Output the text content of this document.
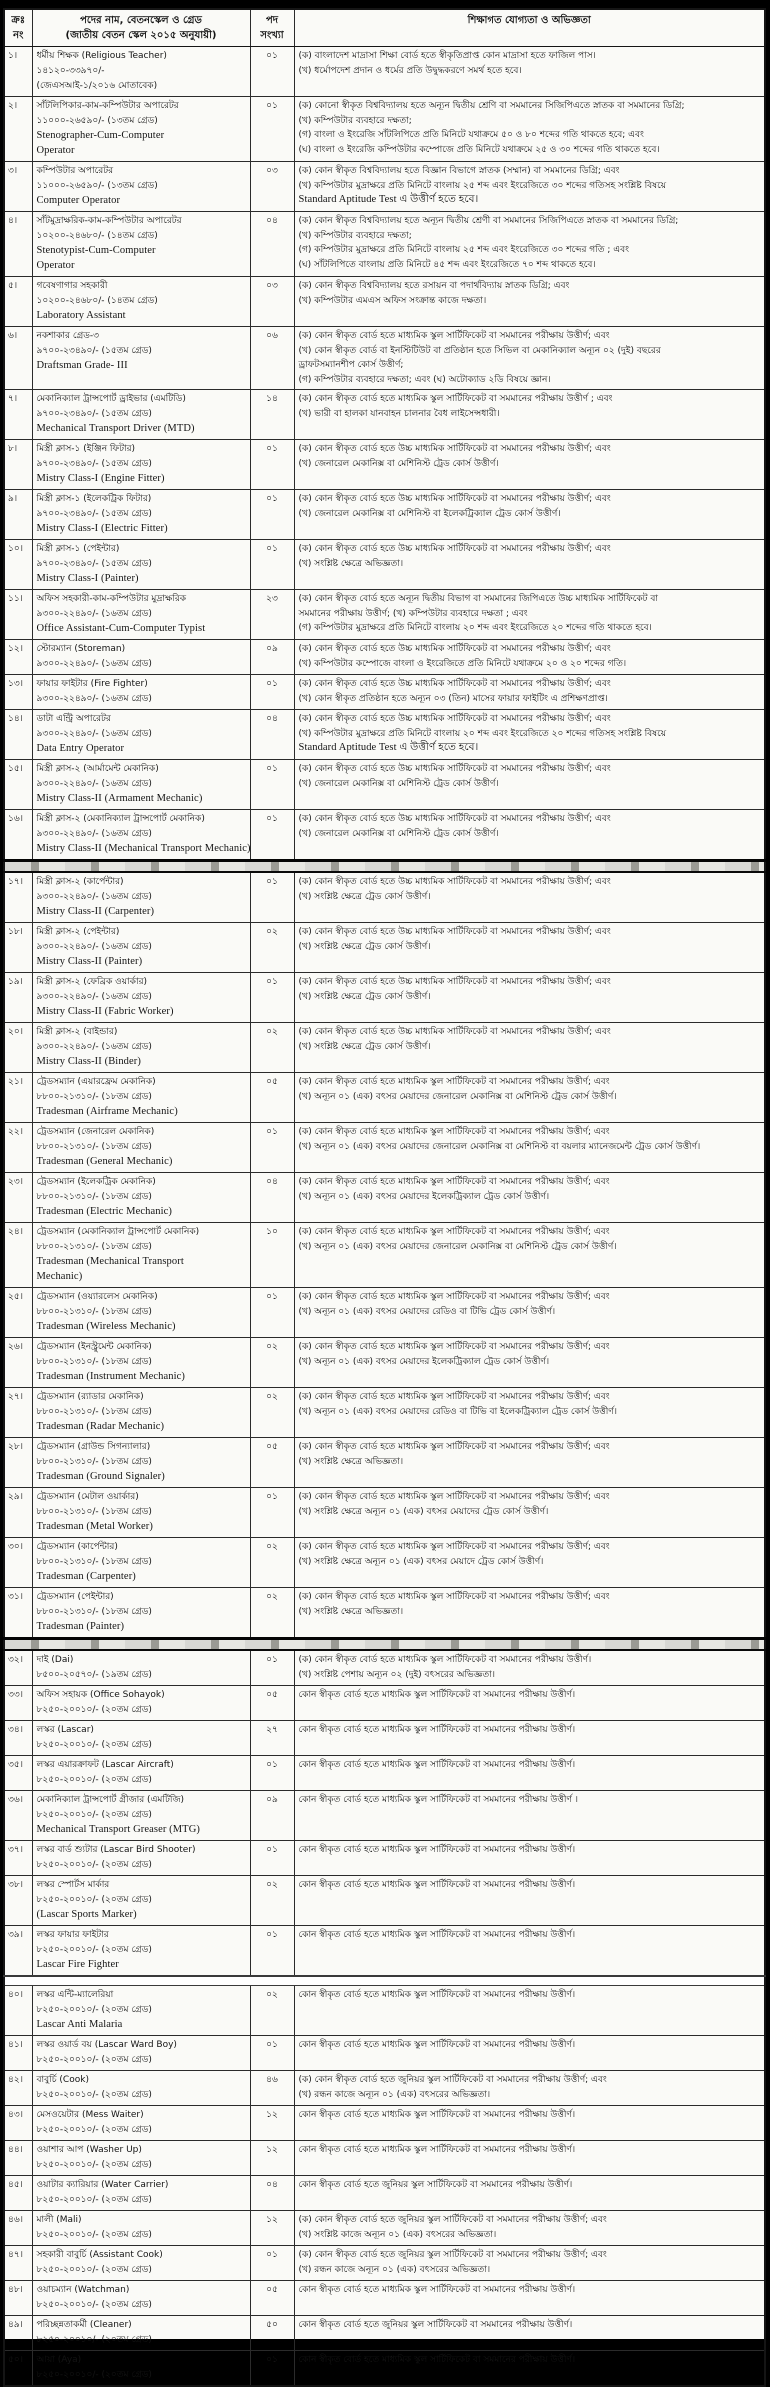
ক্রঃ
নং

পদের নাম, বেতনস্কেল ও গ্রেড
(জাতীয় বেতন স্কেল ২০১৫ অনুযায়ী)

পদ
সংখ্যা

শিক্ষাগত যোগ্যতা ও অভিজ্ঞতা

১।	ধর্মীয় শিক্ষক (Religious Teacher)
১৪১২০-৩৩৯৭০/-
(জেএসআই-১/২০১৬ মোতাবেক)
	০১	(ক) বাংলাদেশ মাদ্রাসা শিক্ষা বোর্ড হতে স্বীকৃতিপ্রাপ্ত কোন মাদ্রাসা হতে ফাজিল পাস।
(খ) ধর্মোপদেশ প্রদান ও ধর্মের প্রতি উদ্বুদ্ধকরণে সমর্থ হতে হবে।

২।	সাঁটলিপিকার-কাম-কম্পিউটার অপারেটর
১১০০০-২৬৫৯০/- (১৩তম গ্রেড)
Stenographer-Cum-Computer
Operator
	০১	(ক) কোনো স্বীকৃত বিশ্ববিদ্যালয় হতে অন্যূন দ্বিতীয় শ্রেণি বা সমমানের সিজিপিএতে স্নাতক বা সমমানের ডিগ্রি;
(খ) কম্পিউটার ব্যবহারে দক্ষতা;
(গ) বাংলা ও ইংরেজি সাঁটলিপিতে প্রতি মিনিটে যথাক্রমে ৫০ ও ৮০ শব্দের গতি থাকতে হবে; এবং
(ঘ) বাংলা ও ইংরেজি কম্পিউটার কম্পোজে প্রতি মিনিটে যথাক্রমে ২৫ ও ৩০ শব্দের গতি থাকতে হবে।

৩।	কম্পিউটার অপারেটর
১১০০০-২৬৫৯০/- (১৩তম গ্রেড)
Computer Operator
	০৩	(ক) কোন স্বীকৃত বিশ্ববিদ্যালয় হতে বিজ্ঞান বিভাগে স্নাতক (সম্মান) বা সমমানের ডিগ্রি; এবং
(খ) কম্পিউটার মুদ্রাক্ষরে প্রতি মিনিটে বাংলায় ২৫ শব্দ এবং ইংরেজিতে ৩০ শব্দের গতিসহ সংশ্লিষ্ট বিষয়ে
Standard Aptitude Test এ উত্তীর্ণ হতে হবে।

৪।	সাঁটমুদ্রাক্ষরিক-কাম-কম্পিউটার অপারেটর
১০২০০-২৪৬৮০/- (১৪তম গ্রেড)
Stenotypist-Cum-Computer
Operator
	০৪	(ক) কোন স্বীকৃত বিশ্ববিদ্যালয় হতে অন্যূন দ্বিতীয় শ্রেণী বা সমমানের সিজিপিএতে স্নাতক বা সমমানের ডিগ্রি;
(খ) কম্পিউটার ব্যবহারে দক্ষতা;
(গ) কম্পিউটার মুদ্রাক্ষরে প্রতি মিনিটে বাংলায় ২৫ শব্দ এবং ইংরেজিতে ৩০ শব্দের গতি ; এবং
(ঘ) সাঁটলিপিতে বাংলায় প্রতি মিনিটে ৪৫ শব্দ এবং ইংরেজিতে ৭০ শব্দ থাকতে হবে।

৫।	গবেষণাগার সহকারী
১০২০০-২৪৬৮০/- (১৪তম গ্রেড)
Laboratory Assistant
	০৩	(ক) কোন স্বীকৃত বিশ্ববিদ্যালয় হতে রসায়ন বা পদার্থবিদ্যায় স্নাতক ডিগ্রি; এবং
(খ) কম্পিউটার এমএস অফিস সংক্রান্ত কাজে দক্ষতা।

৬।	নকশাকার গ্রেড-৩
৯৭০০-২৩৪৯০/- (১৫তম গ্রেড)
Draftsman Grade- III
	০৬	(ক) কোন স্বীকৃত বোর্ড হতে মাধ্যমিক স্কুল সার্টিফিকেট বা সমমানের পরীক্ষায় উত্তীর্ণ; এবং
(খ) কোন স্বীকৃত বোর্ড বা ইনস্টিটিউট বা প্রতিষ্ঠান হতে সিভিল বা মেকানিক্যাল অন্যূন ০২ (দুই) বছরের
ড্রাফটসম্যানশীপ কোর্স উত্তীর্ণ;
(গ) কম্পিউটার ব্যবহারে দক্ষতা; এবং (ঘ) অটোক্যাড ২ডি বিষয়ে জ্ঞান।

৭।	মেকানিক্যাল ট্রান্সপোর্ট ড্রাইভার (এমটিডি)
৯৭০০-২৩৪৯০/- (১৫তম গ্রেড)
Mechanical Transport Driver (MTD)
	১৪	(ক) কোন স্বীকৃত বোর্ড হতে মাধ্যমিক স্কুল সার্টিফিকেট বা সমমানের পরীক্ষায় উত্তীর্ণ ; এবং
(খ) ভারী বা হালকা যানবাহন চালনার বৈধ লাইসেন্সধারী।

৮।	মিস্ত্রী ক্লাস-১ (ইঞ্জিন ফিটার)
৯৭০০-২৩৪৯০/- (১৫তম গ্রেড)
Mistry Class-I (Engine Fitter)
	০১	(ক) কোন স্বীকৃত বোর্ড হতে উচ্চ মাধ্যমিক সার্টিফিকেট বা সমমানের পরীক্ষায় উত্তীর্ণ; এবং
(খ) জেনারেল মেকানিক্স বা মেশিনিস্ট ট্রেড কোর্স উত্তীর্ণ।

৯।	মিস্ত্রী ক্লাস-১ (ইলেকট্রিক ফিটার)
৯৭০০-২৩৪৯০/- (১৫তম গ্রেড)
Mistry Class-I (Electric Fitter)
	০১	(ক) কোন স্বীকৃত বোর্ড হতে উচ্চ মাধ্যমিক সার্টিফিকেট বা সমমানের পরীক্ষায় উত্তীর্ণ; এবং
(খ) জেনারেল মেকানিক্স বা মেশিনিস্ট বা ইলেকট্রিক্যাল ট্রেড কোর্স উত্তীর্ণ।

১০।	মিস্ত্রী ক্লাস-১ (পেইন্টার)
৯৭০০-২৩৪৯০/- (১৫তম গ্রেড)
Mistry Class-I (Painter)
	০১	(ক) কোন স্বীকৃত বোর্ড হতে উচ্চ মাধ্যমিক সার্টিফিকেট বা সমমানের পরীক্ষায় উত্তীর্ণ; এবং
(খ) সংশ্লিষ্ট ক্ষেত্রে অভিজ্ঞতা।

১১।	অফিস সহকারী-কাম-কম্পিউটার মুদ্রাক্ষরিক
৯৩০০-২২৪৯০/- (১৬তম গ্রেড)
Office Assistant-Cum-Computer Typist
	২৩	(ক) কোন স্বীকৃত বোর্ড হতে অন্যূন দ্বিতীয় বিভাগ বা সমমানের জিপিএতে উচ্চ মাধ্যমিক সার্টিফিকেট বা
সমমানের পরীক্ষায় উত্তীর্ণ; (খ) কম্পিউটার ব্যবহারে দক্ষতা ; এবং
(গ) কম্পিউটার মুদ্রাক্ষরে প্রতি মিনিটে বাংলায় ২০ শব্দ এবং ইংরেজিতে ২০ শব্দের গতি থাকতে হবে।

১২।	স্টোরম্যান (Storeman)
৯৩০০-২২৪৯০/- (১৬তম গ্রেড)
	০৯	(ক) কোন স্বীকৃত বোর্ড হতে উচ্চ মাধ্যমিক সার্টিফিকেট বা সমমানের পরীক্ষায় উত্তীর্ণ; এবং
(খ) কম্পিউটার কম্পোজে বাংলা ও ইংরেজিতে প্রতি মিনিটে যথাক্রমে ২০ ও ২০ শব্দের গতি।

১৩।	ফায়ার ফাইটার (Fire Fighter)
৯৩০০-২২৪৯০/- (১৬তম গ্রেড)
	০১	(ক) কোন স্বীকৃত বোর্ড হতে উচ্চ মাধ্যমিক সার্টিফিকেট বা সমমানের পরীক্ষায় উত্তীর্ণ; এবং
(খ) কোন স্বীকৃত প্রতিষ্ঠান হতে অন্যূন ০৩ (তিন) মাসের ফায়ার ফাইটিং এ প্রশিক্ষণপ্রাপ্ত।

১৪।	ডাটা এন্ট্রি অপারেটর
৯৩০০-২২৪৯০/- (১৬তম গ্রেড)
Data Entry Operator
	০৪	(ক) কোন স্বীকৃত বোর্ড হতে উচ্চ মাধ্যমিক সার্টিফিকেট বা সমমানের পরীক্ষায় উত্তীর্ণ; এবং
(খ) কম্পিউটার মুদ্রাক্ষরে প্রতি মিনিটে বাংলায় ২০ শব্দ এবং ইংরেজিতে ২০ শব্দের গতিসহ সংশ্লিষ্ট বিষয়ে
Standard Aptitude Test এ উত্তীর্ণ হতে হবে।

১৫।	মিস্ত্রী ক্লাস-২ (আর্মামেন্ট মেকানিক)
৯৩০০-২২৪৯০/- (১৬তম গ্রেড)
Mistry Class-II (Armament Mechanic)
	০১	(ক) কোন স্বীকৃত বোর্ড হতে উচ্চ মাধ্যমিক সার্টিফিকেট বা সমমানের পরীক্ষায় উত্তীর্ণ; এবং
(খ) জেনারেল মেকানিক্স বা মেশিনিস্ট ট্রেড কোর্স উত্তীর্ণ।

১৬।	মিস্ত্রী ক্লাস-২ (মেকানিক্যাল ট্রান্সপোর্ট মেকানিক)
৯৩০০-২২৪৯০/- (১৬তম গ্রেড)
Mistry Class-II (Mechanical Transport Mechanic)
	০১	(ক) কোন স্বীকৃত বোর্ড হতে উচ্চ মাধ্যমিক সার্টিফিকেট বা সমমানের পরীক্ষায় উত্তীর্ণ; এবং
(খ) জেনারেল মেকানিক্স বা মেশিনিস্ট ট্রেড কোর্স উত্তীর্ণ।

১৭।	মিস্ত্রী ক্লাস-২ (কার্পেন্টার)
৯৩০০-২২৪৯০/- (১৬তম গ্রেড)
Mistry Class-II (Carpenter)
	০১	(ক) কোন স্বীকৃত বোর্ড হতে উচ্চ মাধ্যমিক সার্টিফিকেট বা সমমানের পরীক্ষায় উত্তীর্ণ; এবং
(খ) সংশ্লিষ্ট ক্ষেত্রে ট্রেড কোর্স উত্তীর্ণ।

১৮।	মিস্ত্রী ক্লাস-২ (পেইন্টার)
৯৩০০-২২৪৯০/- (১৬তম গ্রেড)
Mistry Class-II (Painter)
	০২	(ক) কোন স্বীকৃত বোর্ড হতে উচ্চ মাধ্যমিক সার্টিফিকেট বা সমমানের পরীক্ষায় উত্তীর্ণ; এবং
(খ) সংশ্লিষ্ট ক্ষেত্রে ট্রেড কোর্স উত্তীর্ণ।

১৯।	মিস্ত্রী ক্লাস-২ (ফেব্রিক ওয়ার্কার)
৯৩০০-২২৪৯০/- (১৬তম গ্রেড)
Mistry Class-II (Fabric Worker)
	০১	(ক) কোন স্বীকৃত বোর্ড হতে উচ্চ মাধ্যমিক সার্টিফিকেট বা সমমানের পরীক্ষায় উত্তীর্ণ; এবং
(খ) সংশ্লিষ্ট ক্ষেত্রে ট্রেড কোর্স উত্তীর্ণ।

২০।	মিস্ত্রী ক্লাস-২ (বাইন্ডার)
৯৩০০-২২৪৯০/- (১৬তম গ্রেড)
Mistry Class-II (Binder)
	০২	(ক) কোন স্বীকৃত বোর্ড হতে উচ্চ মাধ্যমিক সার্টিফিকেট বা সমমানের পরীক্ষায় উত্তীর্ণ; এবং
(খ) সংশ্লিষ্ট ক্ষেত্রে ট্রেড কোর্স উত্তীর্ণ।

২১।	ট্রেডসম্যান (এয়ারফ্রেম মেকানিক)
৮৮০০-২১৩১০/- (১৮তম গ্রেড)
Tradesman (Airframe Mechanic)
	০৫	(ক) কোন স্বীকৃত বোর্ড হতে মাধ্যমিক স্কুল সার্টিফিকেট বা সমমানের পরীক্ষায় উত্তীর্ণ; এবং
(খ) অন্যূন ০১ (এক) বৎসর মেয়াদের জেনারেল মেকানিক্স বা মেশিনিস্ট ট্রেড কোর্স উত্তীর্ণ।

২২।	ট্রেডসম্যান (জেনারেল মেকানিক)
৮৮০০-২১৩১০/- (১৮তম গ্রেড)
Tradesman (General Mechanic)
	০১	(ক) কোন স্বীকৃত বোর্ড হতে মাধ্যমিক স্কুল সার্টিফিকেট বা সমমানের পরীক্ষায় উত্তীর্ণ; এবং
(খ) অন্যূন ০১ (এক) বৎসর মেয়াদের জেনারেল মেকানিক্স বা মেশিনিস্ট বা বয়লার ম্যানেজমেন্ট ট্রেড কোর্স উত্তীর্ণ।

২৩।	ট্রেডসম্যান (ইলেকট্রিক মেকানিক)
৮৮০০-২১৩১০/- (১৮তম গ্রেড)
Tradesman (Electric Mechanic)
	০৪	(ক) কোন স্বীকৃত বোর্ড হতে মাধ্যমিক স্কুল সার্টিফিকেট বা সমমানের পরীক্ষায় উত্তীর্ণ; এবং
(খ) অন্যূন ০১ (এক) বৎসর মেয়াদের ইলেকট্রিক্যাল ট্রেড কোর্স উত্তীর্ণ।

২৪।	ট্রেডসম্যান (মেকানিক্যাল ট্রান্সপোর্ট মেকানিক)
৮৮০০-২১৩১০/- (১৮তম গ্রেড)
Tradesman (Mechanical Transport
Mechanic)
	১০	(ক) কোন স্বীকৃত বোর্ড হতে মাধ্যমিক স্কুল সার্টিফিকেট বা সমমানের পরীক্ষায় উত্তীর্ণ; এবং
(খ) অন্যূন ০১ (এক) বৎসর মেয়াদের জেনারেল মেকানিক্স বা মেশিনিস্ট ট্রেড কোর্স উত্তীর্ণ।

২৫।	ট্রেডসম্যান (ওয়্যারলেস মেকানিক)
৮৮০০-২১৩১০/- (১৮তম গ্রেড)
Tradesman (Wireless Mechanic)
	০১	(ক) কোন স্বীকৃত বোর্ড হতে মাধ্যমিক স্কুল সার্টিফিকেট বা সমমানের পরীক্ষায় উত্তীর্ণ; এবং
(খ) অন্যূন ০১ (এক) বৎসর মেয়াদের রেডিও বা টিভি ট্রেড কোর্স উত্তীর্ণ।

২৬।	ট্রেডসম্যান (ইনস্ট্রুমেন্ট মেকানিক)
৮৮০০-২১৩১০/- (১৮তম গ্রেড)
Tradesman (Instrument Mechanic)
	০২	(ক) কোন স্বীকৃত বোর্ড হতে মাধ্যমিক স্কুল সার্টিফিকেট বা সমমানের পরীক্ষায় উত্তীর্ণ; এবং
(খ) অন্যূন ০১ (এক) বৎসর মেয়াদের ইলেকট্রিক্যাল ট্রেড কোর্স উত্তীর্ণ।

২৭।	ট্রেডসম্যান (র‍্যাডার মেকানিক)
৮৮০০-২১৩১০/- (১৮তম গ্রেড)
Tradesman (Radar Mechanic)
	০২	(ক) কোন স্বীকৃত বোর্ড হতে মাধ্যমিক স্কুল সার্টিফিকেট বা সমমানের পরীক্ষায় উত্তীর্ণ; এবং
(খ) অন্যূন ০১ (এক) বৎসর মেয়াদের রেডিও বা টিভি বা ইলেকট্রিক্যাল ট্রেড কোর্স উত্তীর্ণ।

২৮।	ট্রেডসম্যান (গ্রাউন্ড সিগন্যালার)
৮৮০০-২১৩১০/- (১৮তম গ্রেড)
Tradesman (Ground Signaler)
	০৫	(ক) কোন স্বীকৃত বোর্ড হতে মাধ্যমিক স্কুল সার্টিফিকেট বা সমমানের পরীক্ষায় উত্তীর্ণ; এবং
(খ) সংশ্লিষ্ট ক্ষেত্রে অভিজ্ঞতা।

২৯।	ট্রেডসম্যান (মেটাল ওয়ার্কার)
৮৮০০-২১৩১০/- (১৮তম গ্রেড)
Tradesman (Metal Worker)
	০১	(ক) কোন স্বীকৃত বোর্ড হতে মাধ্যমিক স্কুল সার্টিফিকেট বা সমমানের পরীক্ষায় উত্তীর্ণ; এবং
(খ) সংশ্লিষ্ট ক্ষেত্রে অন্যূন ০১ (এক) বৎসর মেয়াদের ট্রেড কোর্স উত্তীর্ণ।

৩০।	ট্রেডসম্যান (কার্পেন্টার)
৮৮০০-২১৩১০/- (১৮তম গ্রেড)
Tradesman (Carpenter)
	০২	(ক) কোন স্বীকৃত বোর্ড হতে মাধ্যমিক স্কুল সার্টিফিকেট বা সমমানের পরীক্ষায় উত্তীর্ণ; এবং
(খ) সংশ্লিষ্ট ক্ষেত্রে অন্যূন ০১ (এক) বৎসর মেয়াদে ট্রেড কোর্স উত্তীর্ণ।

৩১।	ট্রেডসম্যান (পেইন্টার)
৮৮০০-২১৩১০/- (১৮তম গ্রেড)
Tradesman (Painter)
	০২	(ক) কোন স্বীকৃত বোর্ড হতে মাধ্যমিক স্কুল সার্টিফিকেট বা সমমানের পরীক্ষায় উত্তীর্ণ; এবং
(খ) সংশ্লিষ্ট ক্ষেত্রে অভিজ্ঞতা।

৩২।	দাই (Dai)
৮৫০০-২০৫৭০/- (১৯তম গ্রেড)
	০১	(ক) কোন স্বীকৃত বোর্ড হতে মাধ্যমিক স্কুল সার্টিফিকেট বা সমমানের পরীক্ষায় উত্তীর্ণ।
(খ) সংশ্লিষ্ট পেশায় অন্যূন ০২ (দুই) বৎসরের অভিজ্ঞতা।

৩৩।	অফিস সহায়ক (Office Sohayok)
৮২৫০-২০০১০/- (২০তম গ্রেড)	০৫	কোন স্বীকৃত বোর্ড হতে মাধ্যমিক স্কুল সার্টিফিকেট বা সমমানের পরীক্ষায় উত্তীর্ণ।

৩৪।	লস্কর (Lascar)
৮২৫০-২০০১০/- (২০তম গ্রেড)	২৭	কোন স্বীকৃত বোর্ড হতে মাধ্যমিক স্কুল সার্টিফিকেট বা সমমানের পরীক্ষায় উত্তীর্ণ।

৩৫।	লস্কর এয়ারক্রাফট (Lascar Aircraft)
৮২৫০-২০০১০/- (২০তম গ্রেড)	০১	কোন স্বীকৃত বোর্ড হতে মাধ্যমিক স্কুল সার্টিফিকেট বা সমমানের পরীক্ষায় উত্তীর্ণ।

৩৬।	মেকানিক্যাল ট্রান্সপোর্ট গ্রীজার (এমটিজি)
৮২৫০-২০০১০/- (২০তম গ্রেড)
Mechanical Transport Greaser (MTG)	০৯	কোন স্বীকৃত বোর্ড হতে মাধ্যমিক স্কুল সার্টিফিকেট বা সমমানের পরীক্ষায় উত্তীর্ণ ।

৩৭।	লস্কর বার্ড শ্যুটার (Lascar Bird Shooter)
৮২৫০-২০০১০/- (২০তম গ্রেড)	০১	কোন স্বীকৃত বোর্ড হতে মাধ্যমিক স্কুল সার্টিফিকেট বা সমমানের পরীক্ষায় উত্তীর্ণ।

৩৮।	লস্কর স্পোর্টস মার্কার
৮২৫০-২০০১০/- (২০তম গ্রেড)
(Lascar Sports Marker)	০২	কোন স্বীকৃত বোর্ড হতে মাধ্যমিক স্কুল সার্টিফিকেট বা সমমানের পরীক্ষায় উত্তীর্ণ।

৩৯।	লস্কর ফায়ার ফাইটার
৮২৫০-২০০১০/- (২০তম গ্রেড)
Lascar Fire Fighter	০১	কোন স্বীকৃত বোর্ড হতে মাধ্যমিক স্কুল সার্টিফিকেট বা সমমানের পরীক্ষায় উত্তীর্ণ।

৪০।	লস্কর এন্টি-ম্যালেরিয়া
৮২৫০-২০০১০/- (২০তম গ্রেড)
Lascar Anti Malaria	০২	কোন স্বীকৃত বোর্ড হতে মাধ্যমিক স্কুল সার্টিফিকেট বা সমমানের পরীক্ষায় উত্তীর্ণ।

৪১।	লস্কর ওয়ার্ড বয় (Lascar Ward Boy)
৮২৫০-২০০১০/- (২০তম গ্রেড)	০১	কোন স্বীকৃত বোর্ড হতে মাধ্যমিক স্কুল সার্টিফিকেট বা সমমানের পরীক্ষায় উত্তীর্ণ।

৪২।	বাবুর্চি (Cook)
৮২৫০-২০০১০/- (২০তম গ্রেড)
	৪৬	(ক) কোন স্বীকৃত বোর্ড হতে জুনিয়র স্কুল সার্টিফিকেট বা সমমানের পরীক্ষায় উত্তীর্ণ; এবং
(খ) রন্ধন কাজে অন্যূন ০১ (এক) বৎসরের অভিজ্ঞতা।

৪৩।	মেসওয়েটার (Mess Waiter)
৮২৫০-২০০১০/- (২০তম গ্রেড)	১২	কোন স্বীকৃত বোর্ড হতে মাধ্যমিক স্কুল সার্টিফিকেট বা সমমানের পরীক্ষায় উত্তীর্ণ।

৪৪।	ওয়াশার আপ (Washer Up)
৮২৫০-২০০১০/- (২০তম গ্রেড)	১২	কোন স্বীকৃত বোর্ড হতে মাধ্যমিক স্কুল সার্টিফিকেট বা সমমানের পরীক্ষায় উত্তীর্ণ।

৪৫।	ওয়াটার ক্যারিয়ার (Water Carrier)
৮২৫০-২০০১০/- (২০তম গ্রেড)	০৪	কোন স্বীকৃত বোর্ড হতে জুনিয়র স্কুল সার্টিফিকেট বা সমমানের পরীক্ষায় উত্তীর্ণ।

৪৬।	মালী (Mali)
৮২৫০-২০০১০/- (২০তম গ্রেড)
	১২	(ক) কোন স্বীকৃত বোর্ড হতে জুনিয়র স্কুল সার্টিফিকেট বা সমমানের পরীক্ষায় উত্তীর্ণ; এবং
(খ) সংশ্লিষ্ট কাজে অন্যূন ০১ (এক) বৎসরের অভিজ্ঞতা।

৪৭।	সহকারী বাবুর্চি (Assistant Cook)
৮২৫০-২০০১০/- (২০তম গ্রেড)
	০১	(ক) কোন স্বীকৃত বোর্ড হতে জুনিয়র স্কুল সার্টিফিকেট বা সমমানের পরীক্ষায় উত্তীর্ণ; এবং
(খ) রন্ধন কাজে অন্যূন ০১ (এক) বৎসরের অভিজ্ঞতা।

৪৮।	ওয়াচম্যান (Watchman)
৮২৫০-২০০১০/- (২০তম গ্রেড)	০৫	কোন স্বীকৃত বোর্ড হতে মাধ্যমিক স্কুল সার্টিফিকেট বা সমমানের পরীক্ষায় উত্তীর্ণ।

৪৯।	পরিচ্ছন্নতাকর্মী (Cleaner)
৮২৫০-২০০১০/- (২০তম গ্রেড)	৫০	কোন স্বীকৃত বোর্ড হতে জুনিয়র স্কুল সার্টিফিকেট বা সমমানের পরীক্ষায় উত্তীর্ণ।

৫০।	আয়া (Aya)
৮২৫০-২০০১০/- (২০তম গ্রেড)	০১	কোন স্বীকৃত বোর্ড হতে মাধ্যমিক স্কুল সার্টিফিকেট বা সমমানের পরীক্ষায় উত্তীর্ণ।
